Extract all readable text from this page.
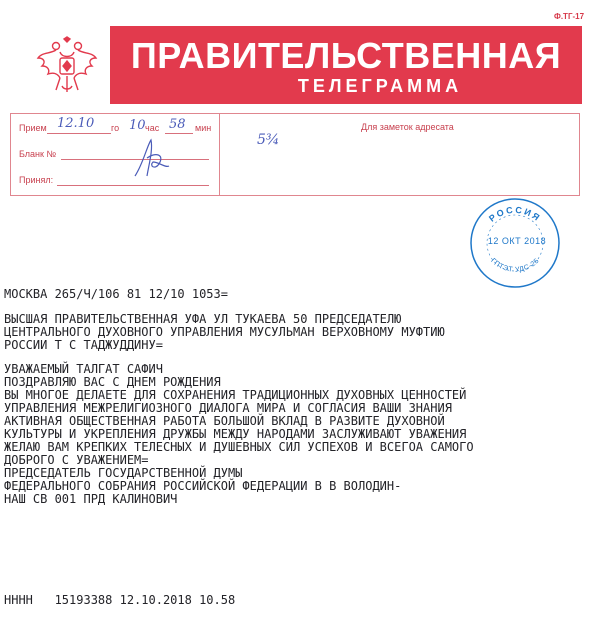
Ф.ТГ-17
ПРАВИТЕЛЬСТВЕННАЯ
ТЕЛЕГРАММА
Прием 12.10 го 10 час 58 мин
Бланк №
Принял:
Для заметок адресата
5¾
РОССИЯ
ГПТЭТ УДС-25
12 ОКТ 2018
МОСКВА 265/Ч/106 81 12/10 1053=
ВЫСШАЯ ПРАВИТЕЛЬСТВЕННАЯ УФА УЛ ТУКАЕВА 50 ПРЕДСЕДАТЕЛЮ
ЦЕНТРАЛЬНОГО ДУХОВНОГО УПРАВЛЕНИЯ МУСУЛЬМАН ВЕРХОВНОМУ МУФТИЮ
РОССИИ Т С ТАДЖУДДИНУ=
УВАЖАЕМЫЙ ТАЛГАТ САФИЧ
ПОЗДРАВЛЯЮ ВАС С ДНЕМ РОЖДЕНИЯ
ВЫ МНОГОЕ ДЕЛАЕТЕ ДЛЯ СОХРАНЕНИЯ ТРАДИЦИОННЫХ ДУХОВНЫХ ЦЕННОСТЕЙ
УПРАВЛЕНИЯ МЕЖРЕЛИГИОЗНОГО ДИАЛОГА МИРА И СОГЛАСИЯ ВАШИ ЗНАНИЯ
АКТИВНАЯ ОБЩЕСТВЕННАЯ РАБОТА БОЛЬШОЙ ВКЛАД В РАЗВИТЕ ДУХОВНОЙ
КУЛЬТУРЫ И УКРЕПЛЕНИЯ ДРУЖБЫ МЕЖДУ НАРОДАМИ ЗАСЛУЖИВАЮТ УВАЖЕНИЯ
ЖЕЛАЮ ВАМ КРЕПКИХ ТЕЛЕСНЫХ И ДУШЕВНЫХ СИЛ УСПЕХОВ И ВСЕГОА САМОГО
ДОБРОГО С УВАЖЕНИЕМ=
ПРЕДСЕДАТЕЛЬ ГОСУДАРСТВЕННОЙ ДУМЫ
ФЕДЕРАЛЬНОГО СОБРАНИЯ РОССИЙСКОЙ ФЕДЕРАЦИИ В В ВОЛОДИН-
НАШ СВ 001 ПРД КАЛИНОВИЧ
НННН   15193388 12.10.2018 10.58
